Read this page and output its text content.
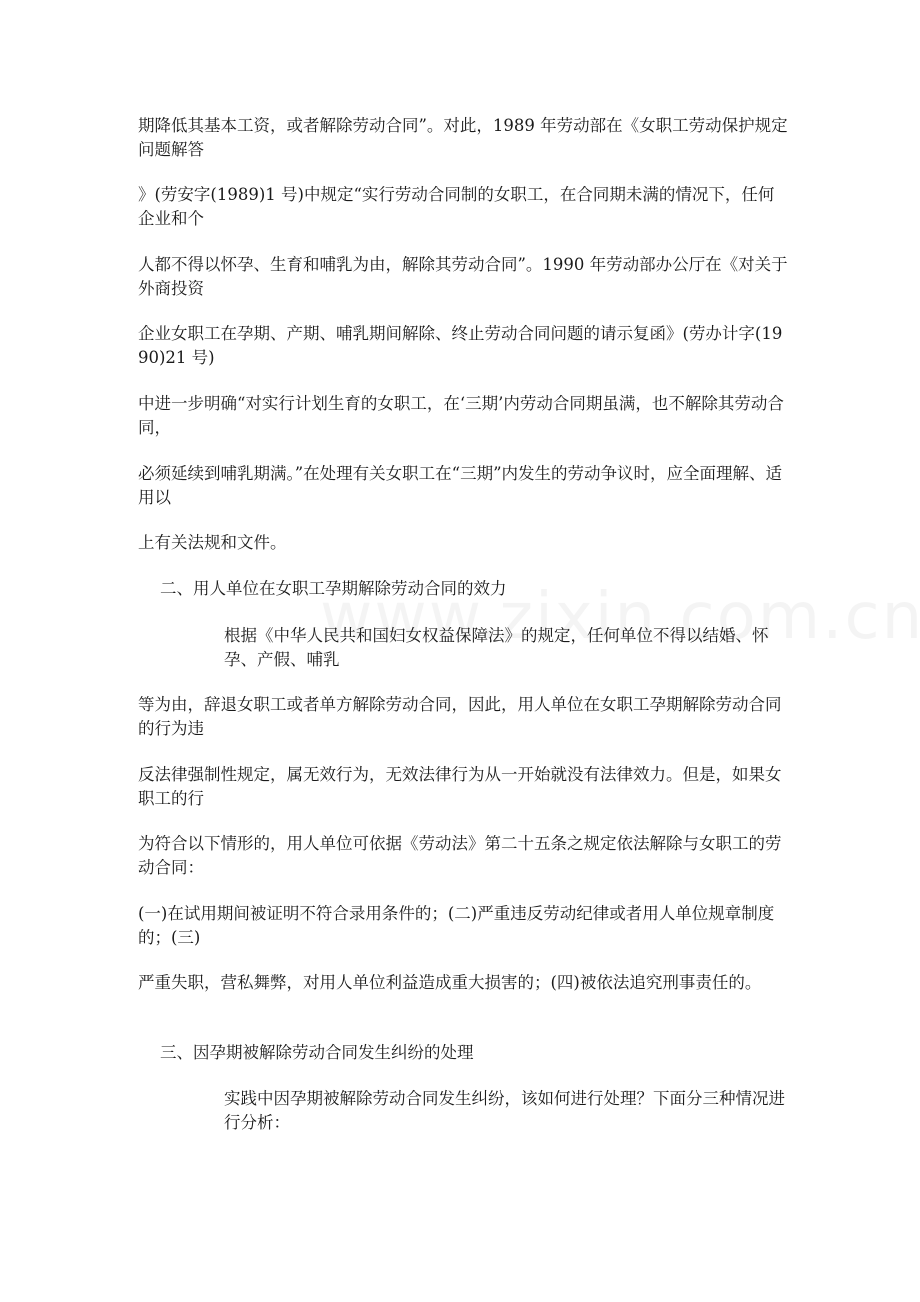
期降低其基本工资，或者解除劳动合同”。对此，1989 年劳动部在《女职工劳动保护规定问题解答

》(劳安字(1989)1 号)中规定“实行劳动合同制的女职工，在合同期未满的情况下，任何企业和个

人都不得以怀孕、生育和哺乳为由，解除其劳动合同”。1990 年劳动部办公厅在《对关于外商投资

企业女职工在孕期、产期、哺乳期间解除、终止劳动合同问题的请示复函》(劳办计字(1990)21 号)

中进一步明确“对实行计划生育的女职工，在‘三期’内劳动合同期虽满，也不解除其劳动合同，

必须延续到哺乳期满。”在处理有关女职工在“三期”内发生的劳动争议时，应全面理解、适用以

上有关法规和文件。

二、用人单位在女职工孕期解除劳动合同的效力

根据《中华人民共和国妇女权益保障法》的规定，任何单位不得以结婚、怀孕、产假、哺乳

等为由，辞退女职工或者单方解除劳动合同，因此，用人单位在女职工孕期解除劳动合同的行为违

反法律强制性规定，属无效行为，无效法律行为从一开始就没有法律效力。但是，如果女职工的行

为符合以下情形的，用人单位可依据《劳动法》第二十五条之规定依法解除与女职工的劳动合同：

(一)在试用期间被证明不符合录用条件的；(二)严重违反劳动纪律或者用人单位规章制度的；(三)

严重失职，营私舞弊，对用人单位利益造成重大损害的；(四)被依法追究刑事责任的。

三、因孕期被解除劳动合同发生纠纷的处理

实践中因孕期被解除劳动合同发生纠纷，该如何进行处理？下面分三种情况进行分析：
